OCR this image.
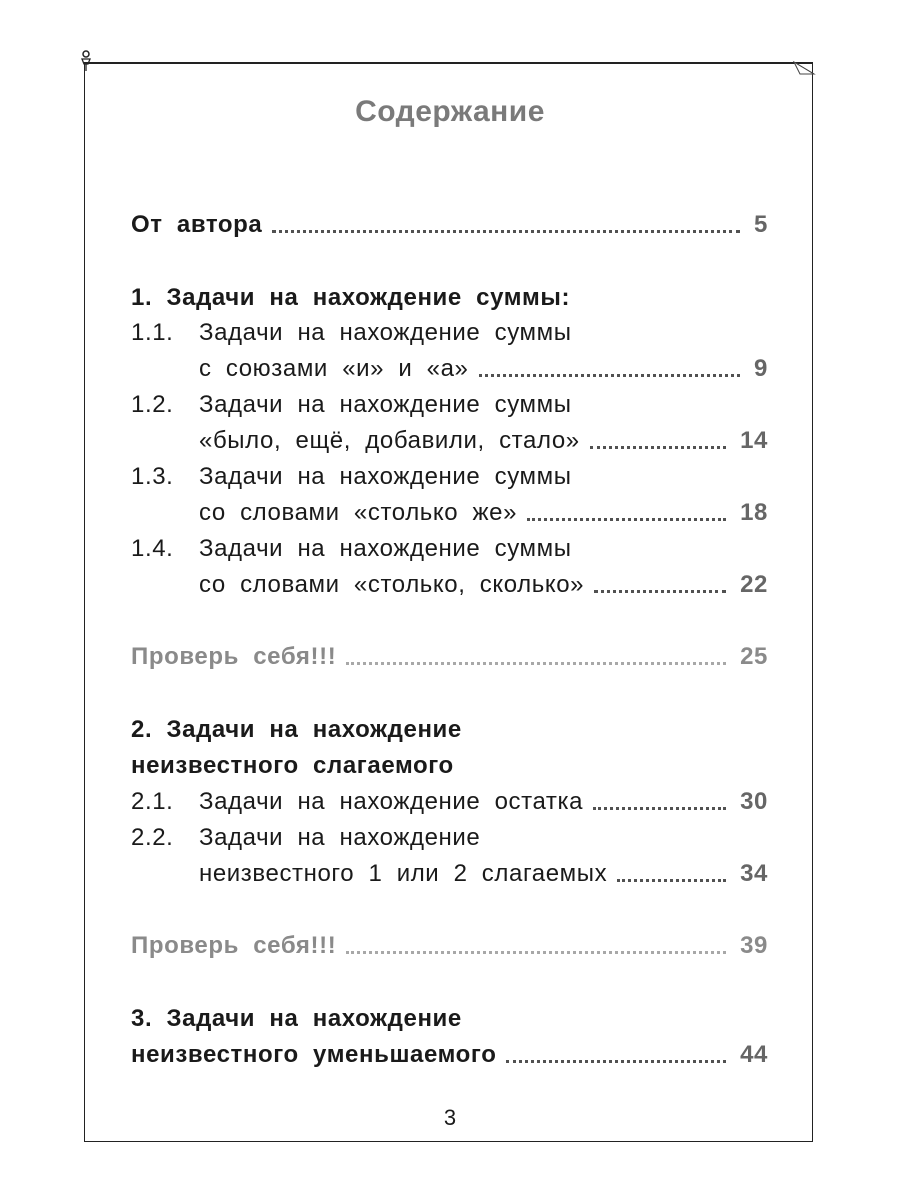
Содержание
От автора	5
1. Задачи на нахождение суммы:
1.1.	Задачи на нахождение суммы
с союзами «и» и «а»	9
1.2.	Задачи на нахождение суммы
«было, ещё, добавили, стало»	14
1.3.	Задачи на нахождение суммы
со словами «столько же»	18
1.4.	Задачи на нахождение суммы
со словами «столько, сколько»	22
Проверь себя!!!	25
2. Задачи на нахождение
неизвестного слагаемого
2.1.	Задачи на нахождение остатка	30
2.2.	Задачи на нахождение
неизвестного 1 или 2 слагаемых	34
Проверь себя!!!	39
3. Задачи на нахождение
неизвестного уменьшаемого	44
3
